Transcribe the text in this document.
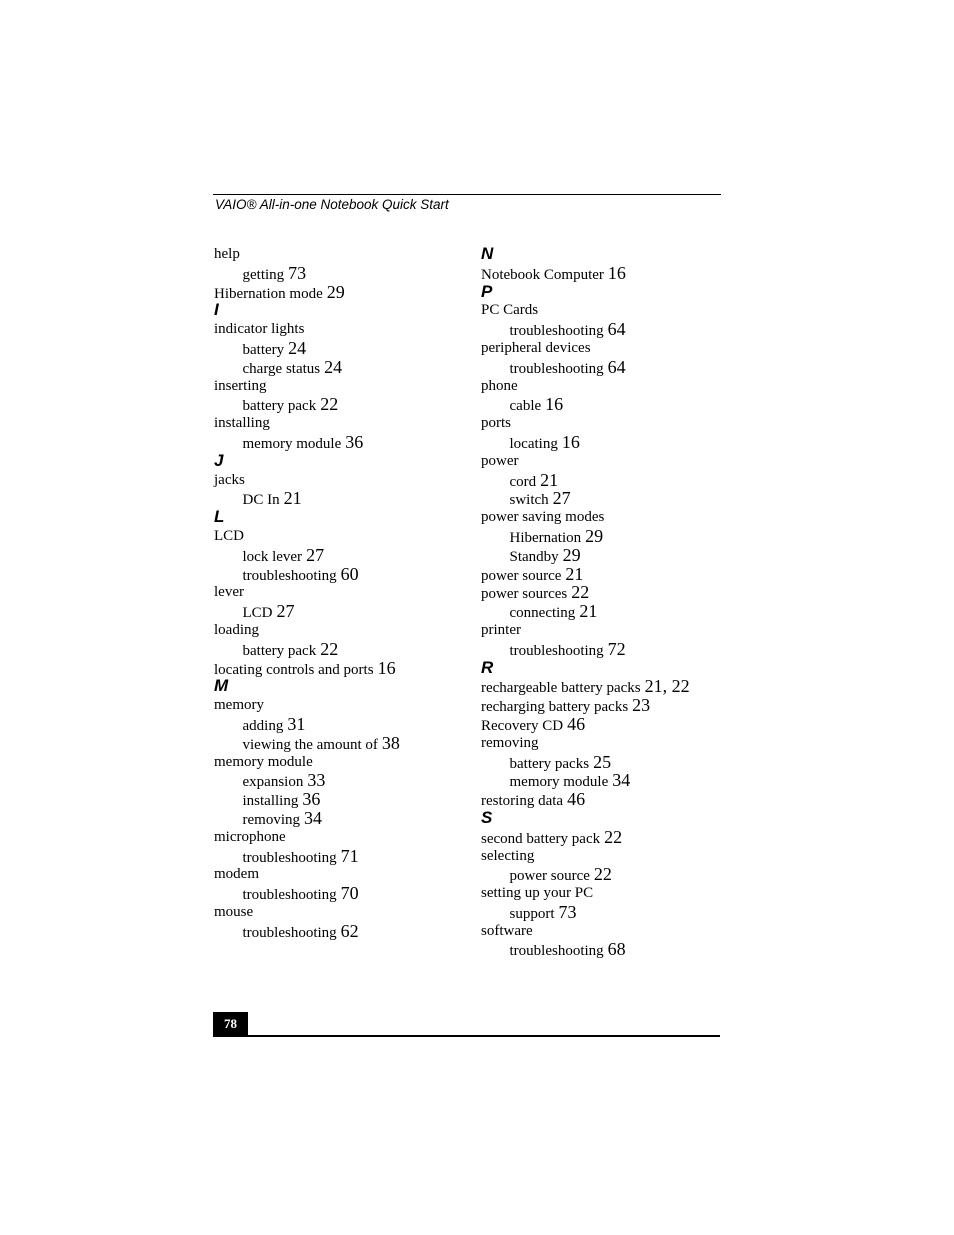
VAIO® All-in-one Notebook Quick Start
help
getting 73
Hibernation mode 29
I
indicator lights
battery 24
charge status 24
inserting
battery pack 22
installing
memory module 36
J
jacks
DC In 21
L
LCD
lock lever 27
troubleshooting 60
lever
LCD 27
loading
battery pack 22
locating controls and ports 16
M
memory
adding 31
viewing the amount of 38
memory module
expansion 33
installing 36
removing 34
microphone
troubleshooting 71
modem
troubleshooting 70
mouse
troubleshooting 62
N
Notebook Computer 16
P
PC Cards
troubleshooting 64
peripheral devices
troubleshooting 64
phone
cable 16
ports
locating 16
power
cord 21
switch 27
power saving modes
Hibernation 29
Standby 29
power source 21
power sources 22
connecting 21
printer
troubleshooting 72
R
rechargeable battery packs 21, 22
recharging battery packs 23
Recovery CD 46
removing
battery packs 25
memory module 34
restoring data 46
S
second battery pack 22
selecting
power source 22
setting up your PC
support 73
software
troubleshooting 68
78
